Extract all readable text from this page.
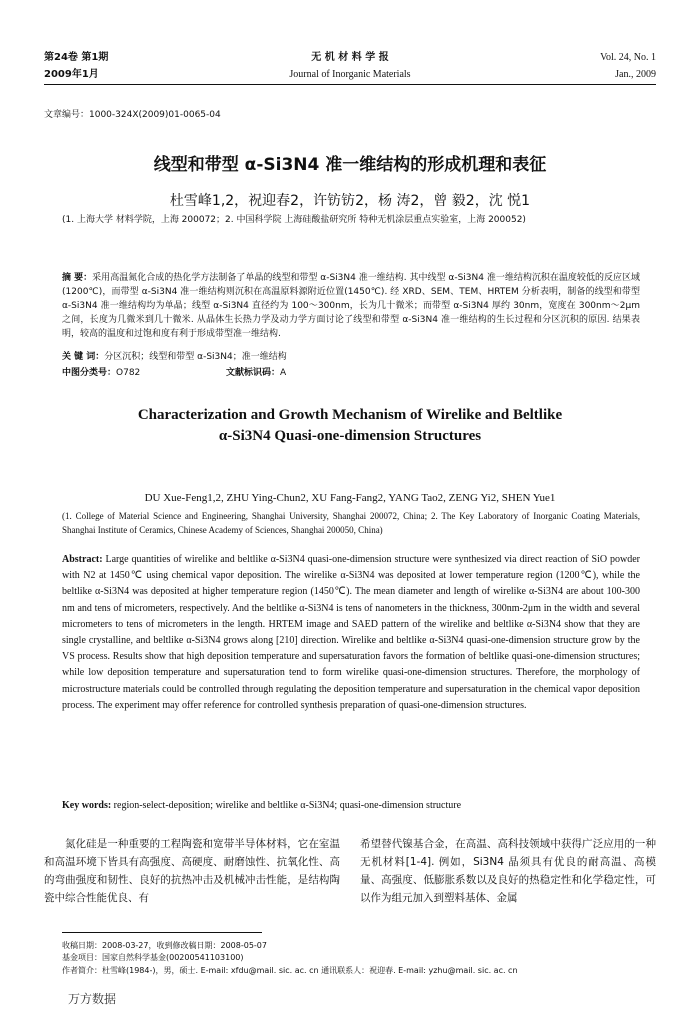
第24卷 第1期
2009年1月
无 机 材 料 学 报
Journal of Inorganic Materials
Vol. 24, No. 1
Jan., 2009
文章编号：1000-324X(2009)01-0065-04
线型和带型 α-Si3N4 准一维结构的形成机理和表征
杜雪峰1,2，祝迎春2，许钫钫2，杨 涛2，曾 毅2，沈 悦1
(1. 上海大学 材料学院，上海 200072；2. 中国科学院 上海硅酸盐研究所 特种无机涂层重点实验室，上海 200052)
摘 要：采用高温氮化合成的热化学方法制备了单晶的线型和带型 α-Si3N4 准一维结构. 其中线型 α-Si3N4 准一维结构沉积在温度较低的反应区域(1200℃)，而带型 α-Si3N4 准一维结构则沉积在高温原料源附近位置(1450℃). 经 XRD、SEM、TEM、HRTEM 分析表明，制备的线型和带型 α-Si3N4 准一维结构均为单晶；线型 α-Si3N4 直径约为 100～300nm，长为几十微米；而带型 α-Si3N4 厚约 30nm，宽度在 300nm～2μm 之间，长度为几微米到几十微米. 从晶体生长热力学及动力学方面讨论了线型和带型 α-Si3N4 准一维结构的生长过程和分区沉积的原因. 结果表明，较高的温度和过饱和度有利于形成带型准一维结构.
关 键 词：分区沉积；线型和带型 α-Si3N4；准一维结构
中图分类号：O782	文献标识码：A
Characterization and Growth Mechanism of Wirelike and Beltlike
α-Si3N4 Quasi-one-dimension Structures
DU Xue-Feng1,2, ZHU Ying-Chun2, XU Fang-Fang2, YANG Tao2, ZENG Yi2, SHEN Yue1
(1. College of Material Science and Engineering, Shanghai University, Shanghai 200072, China; 2. The Key Laboratory of Inorganic Coating Materials, Shanghai Institute of Ceramics, Chinese Academy of Sciences, Shanghai 200050, China)
Abstract: Large quantities of wirelike and beltlike α-Si3N4 quasi-one-dimension structure were synthesized via direct reaction of SiO powder with N2 at 1450℃ using chemical vapor deposition. The wirelike α-Si3N4 was deposited at lower temperature region (1200℃), while the beltlike α-Si3N4 was deposited at higher temperature region (1450℃). The mean diameter and length of wirelike α-Si3N4 are about 100-300 nm and tens of micrometers, respectively. And the beltlike α-Si3N4 is tens of nanometers in the thickness, 300nm-2μm in the width and several micrometers to tens of micrometers in the length. HRTEM image and SAED pattern of the wirelike and beltlike α-Si3N4 show that they are single crystalline, and beltlike α-Si3N4 grows along [210] direction. Wirelike and beltlike α-Si3N4 quasi-one-dimension structure grow by the VS process. Results show that high deposition temperature and supersaturation favors the formation of beltlike quasi-one-dimension structures; while low deposition temperature and supersaturation tend to form wirelike quasi-one-dimension structures. Therefore, the morphology of microstructure materials could be controlled through regulating the deposition temperature and supersaturation in the chemical vapor deposition process. The experiment may offer reference for controlled synthesis preparation of quasi-one-dimension structures.
Key words: region-select-deposition; wirelike and beltlike α-Si3N4; quasi-one-dimension structure
氮化硅是一种重要的工程陶瓷和宽带半导体材料，它在室温和高温环境下皆具有高强度、高硬度、耐磨蚀性、抗氧化性、高的弯曲强度和韧性、良好的抗热冲击及机械冲击性能，是结构陶瓷中综合性能优良、有
希望替代镍基合金，在高温、高科技领域中获得广泛应用的一种无机材料[1-4]. 例如，Si3N4 晶须具有优良的耐高温、高模量、高强度、低膨胀系数以及良好的热稳定性和化学稳定性，可以作为组元加入到塑料基体、金属
收稿日期：2008-03-27，收到修改稿日期：2008-05-07
基金项目：国家自然科学基金(00200541103100)
作者简介：杜雪峰(1984-)，男，硕士. E-mail: xfdu@mail. sic. ac. cn 通讯联系人：祝迎春. E-mail: yzhu@mail. sic. ac. cn
万方数据
